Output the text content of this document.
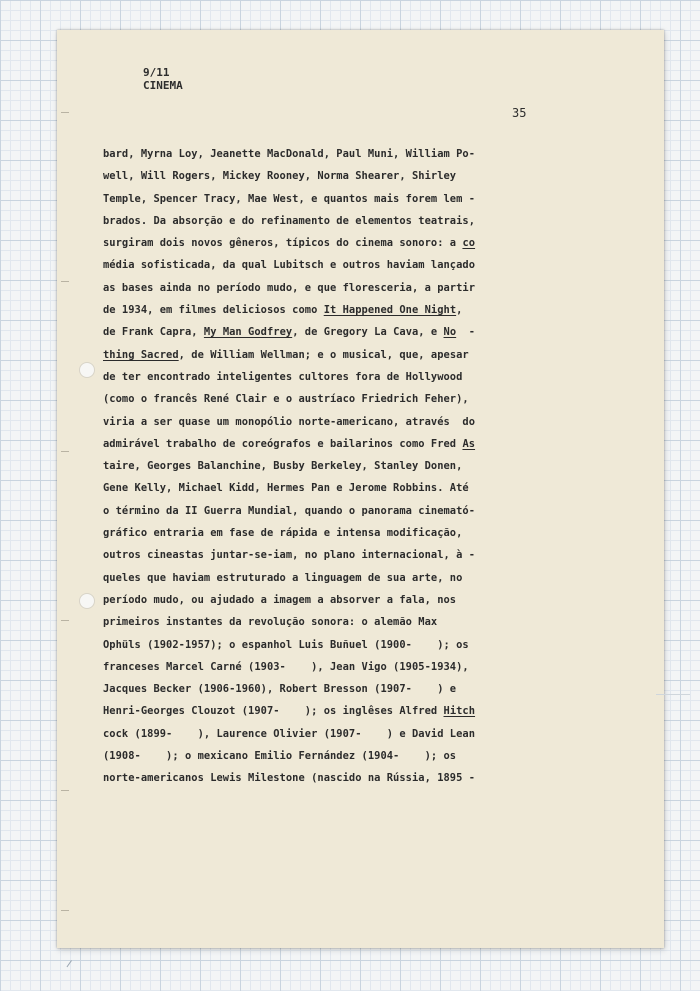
9/11
CINEMA
35
bard, Myrna Loy, Jeanette MacDonald, Paul Muni, William Po-
well, Will Rogers, Mickey Rooney, Norma Shearer, Shirley
Temple, Spencer Tracy, Mae West, e quantos mais forem lem -
brados. Da absorção e do refinamento de elementos teatrais,
surgiram dois novos gêneros, típicos do cinema sonoro: a co
média sofisticada, da qual Lubitsch e outros haviam lançado
as bases ainda no período mudo, e que floresceria, a partir
de 1934, em filmes deliciosos como It Happened One Night,
de Frank Capra, My Man Godfrey, de Gregory La Cava, e No  -
thing Sacred, de William Wellman; e o musical, que, apesar
de ter encontrado inteligentes cultores fora de Hollywood
(como o francês René Clair e o austríaco Friedrich Feher),
viria a ser quase um monopólio norte-americano, através  do
admirável trabalho de coreógrafos e bailarinos como Fred As
taire, Georges Balanchine, Busby Berkeley, Stanley Donen,
Gene Kelly, Michael Kidd, Hermes Pan e Jerome Robbins. Até
o término da II Guerra Mundial, quando o panorama cinemató-
gráfico entraria em fase de rápida e intensa modificação,
outros cineastas juntar-se-iam, no plano internacional, à -
queles que haviam estruturado a linguagem de sua arte, no
período mudo, ou ajudado a imagem a absorver a fala, nos
primeiros instantes da revolução sonora: o alemão Max
Ophüls (1902-1957); o espanhol Luis Buñuel (1900-    ); os
franceses Marcel Carné (1903-    ), Jean Vigo (1905-1934),
Jacques Becker (1906-1960), Robert Bresson (1907-    ) e
Henri-Georges Clouzot (1907-    ); os inglêses Alfred Hitch
cock (1899-    ), Laurence Olivier (1907-    ) e David Lean
(1908-    ); o mexicano Emilio Fernández (1904-    ); os
norte-americanos Lewis Milestone (nascido na Rússia, 1895 -
